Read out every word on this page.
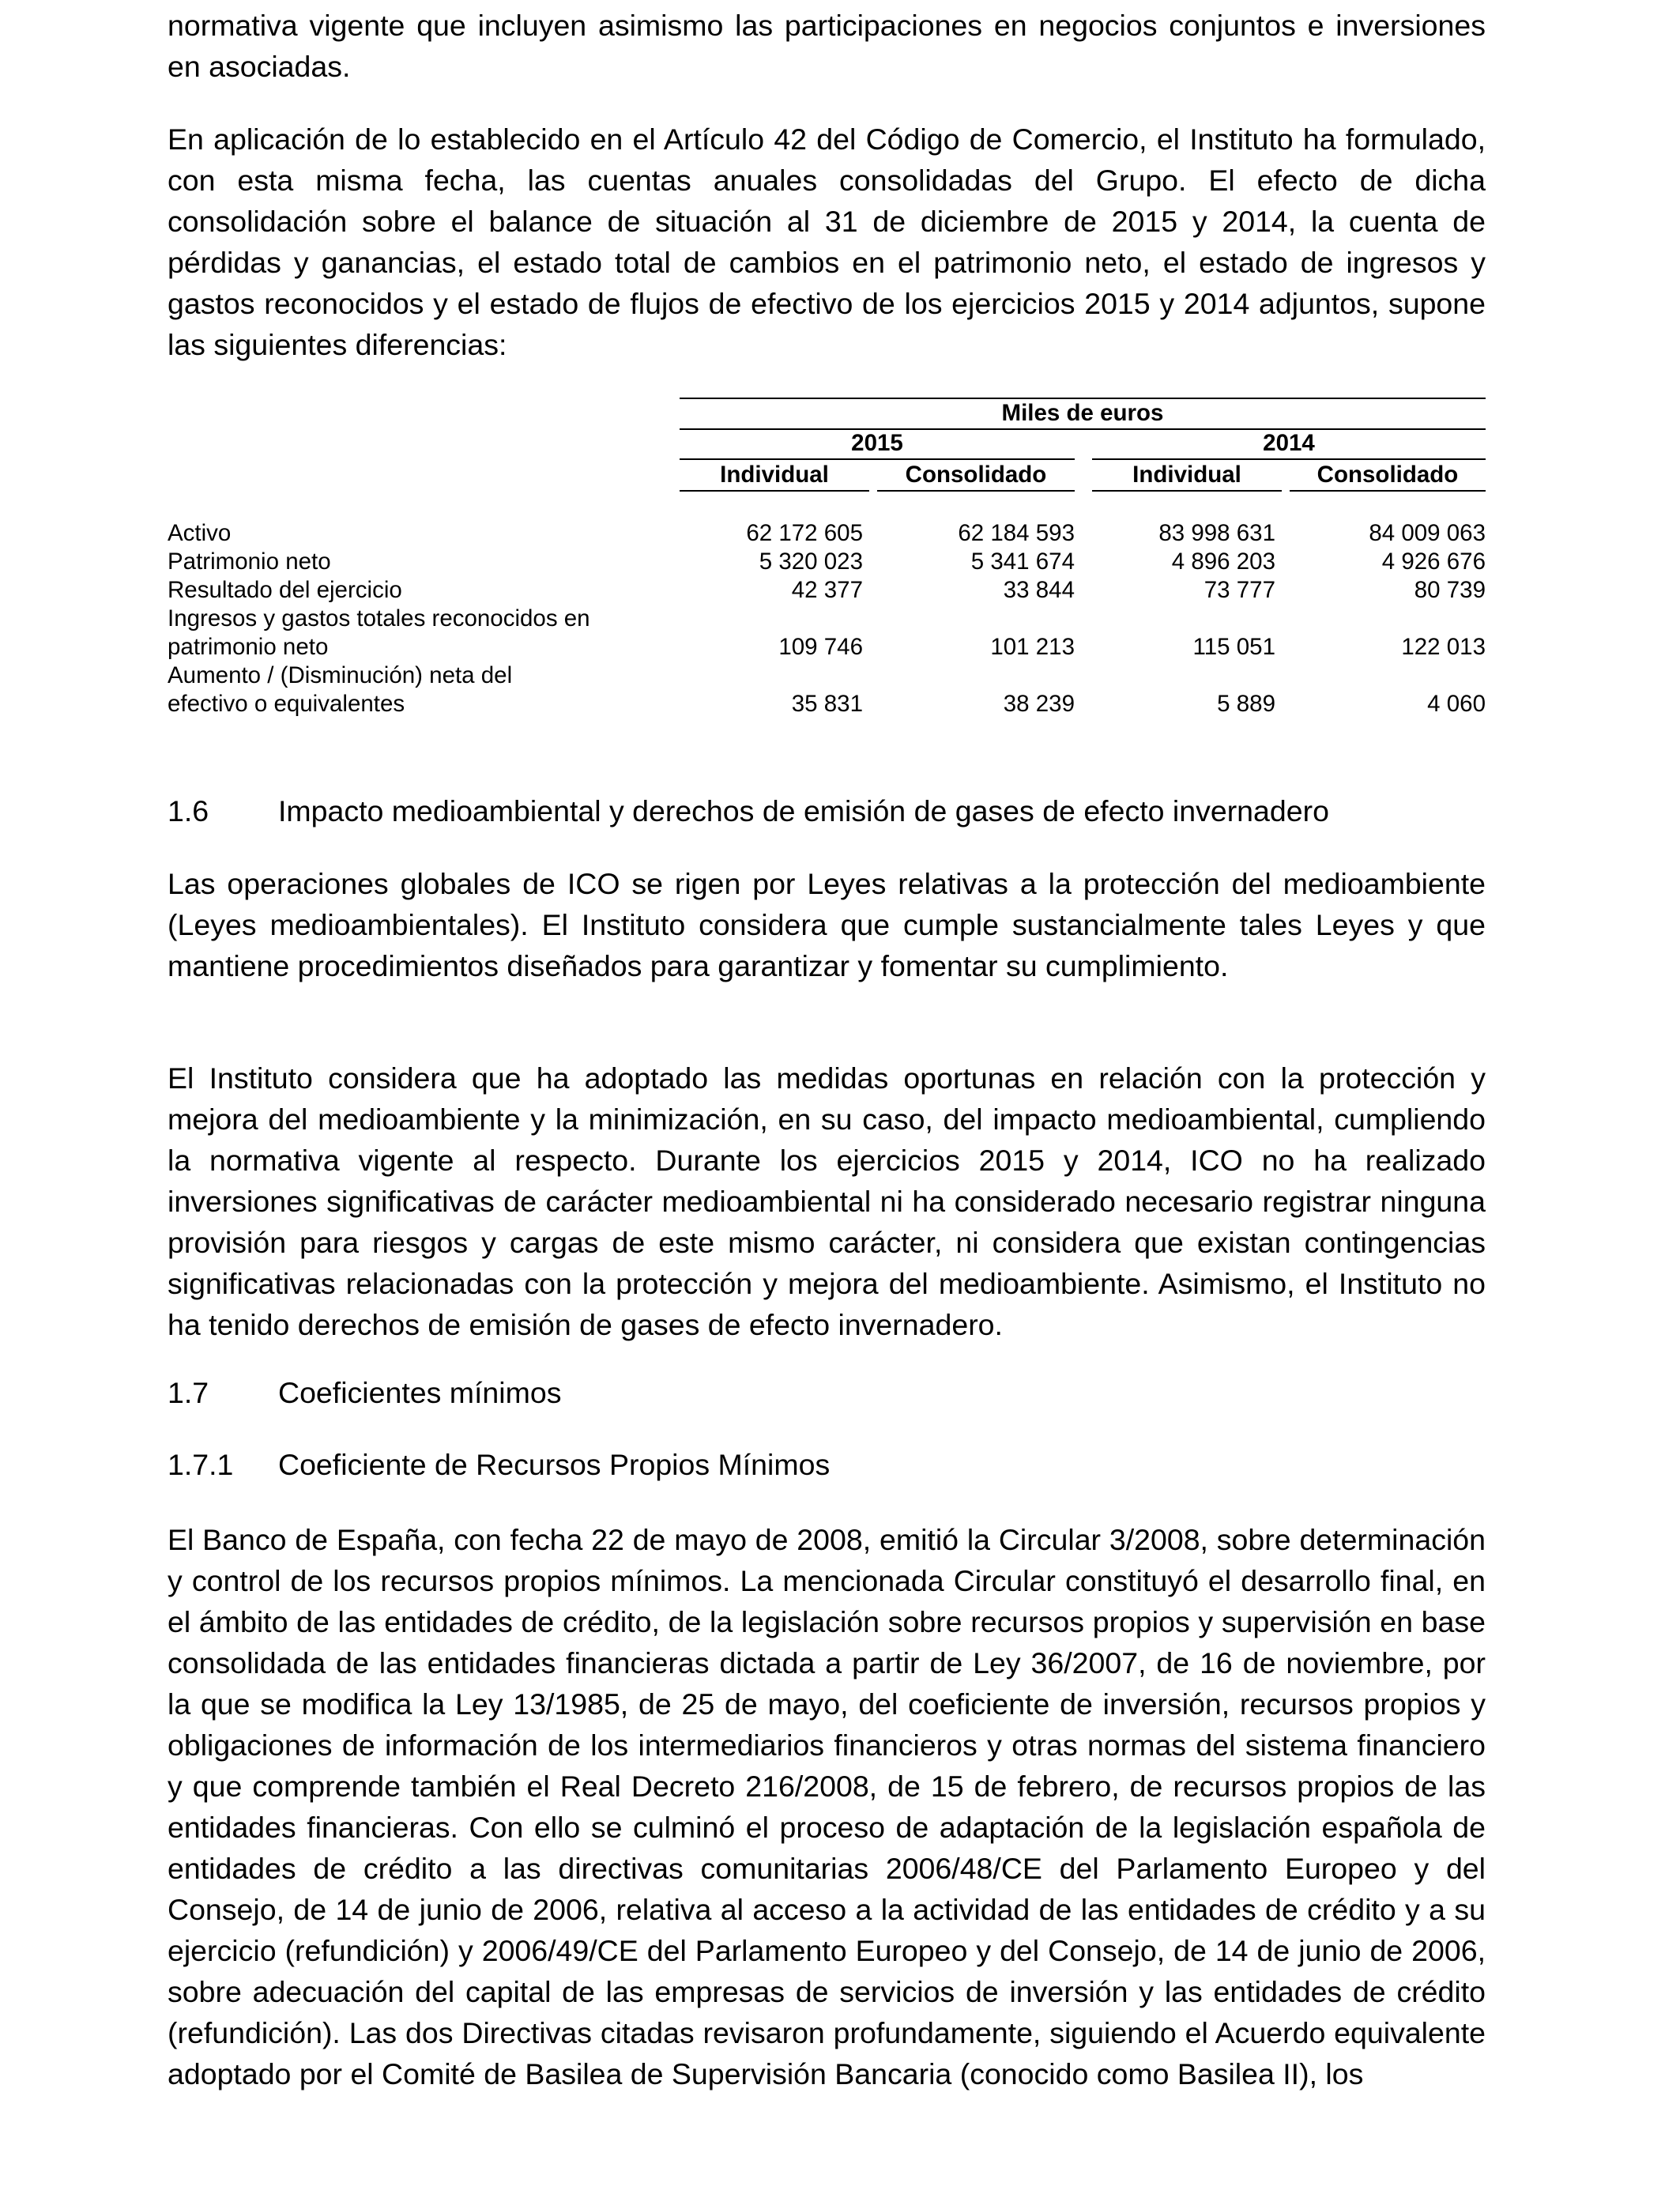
normativa vigente que incluyen asimismo las participaciones en negocios conjuntos e inversiones en asociadas.

En aplicación de lo establecido en el Artículo 42 del Código de Comercio, el Instituto ha formulado, con esta misma fecha, las cuentas anuales consolidadas del Grupo. El efecto de dicha consolidación sobre el balance de situación al 31 de diciembre de 2015 y 2014, la cuenta de pérdidas y ganancias, el estado total de cambios en el patrimonio neto, el estado de ingresos y gastos reconocidos y el estado de flujos de efectivo de los ejercicios 2015 y 2014 adjuntos, supone las siguientes diferencias:

Miles de euros
2015	2014
Individual	Consolidado	Individual	Consolidado
Activo	62 172 605	62 184 593	83 998 631	84 009 063
Patrimonio neto	5 320 023	5 341 674	4 896 203	4 926 676
Resultado del ejercicio	42 377	33 844	73 777	80 739
Ingresos y gastos totales reconocidos en
patrimonio neto	109 746	101 213	115 051	122 013
Aumento / (Disminución) neta del
efectivo o equivalentes	35 831	38 239	5 889	4 060
1.6 Impacto medioambiental y derechos de emisión de gases de efecto invernadero

Las operaciones globales de ICO se rigen por Leyes relativas a la protección del medioambiente (Leyes medioambientales). El Instituto considera que cumple sustancialmente tales Leyes y que mantiene procedimientos diseñados para garantizar y fomentar su cumplimiento.

El Instituto considera que ha adoptado las medidas oportunas en relación con la protección y mejora del medioambiente y la minimización, en su caso, del impacto medioambiental, cumpliendo la normativa vigente al respecto. Durante los ejercicios 2015 y 2014, ICO no ha realizado inversiones significativas de carácter medioambiental ni ha considerado necesario registrar ninguna provisión para riesgos y cargas de este mismo carácter, ni considera que existan contingencias significativas relacionadas con la protección y mejora del medioambiente. Asimismo, el Instituto no ha tenido derechos de emisión de gases de efecto invernadero.

1.7 Coeficientes mínimos
1.7.1 Coeficiente de Recursos Propios Mínimos

El Banco de España, con fecha 22 de mayo de 2008, emitió la Circular 3/2008, sobre determinación y control de los recursos propios mínimos. La mencionada Circular constituyó el desarrollo final, en el ámbito de las entidades de crédito, de la legislación sobre recursos propios y supervisión en base consolidada de las entidades financieras dictada a partir de Ley 36/2007, de 16 de noviembre, por la que se modifica la Ley 13/1985, de 25 de mayo, del coeficiente de inversión, recursos propios y obligaciones de información de los intermediarios financieros y otras normas del sistema financiero y que comprende también el Real Decreto 216/2008, de 15 de febrero, de recursos propios de las entidades financieras. Con ello se culminó el proceso de adaptación de la legislación española de entidades de crédito a las directivas comunitarias 2006/48/CE del Parlamento Europeo y del Consejo, de 14 de junio de 2006, relativa al acceso a la actividad de las entidades de crédito y a su ejercicio (refundición) y 2006/49/CE del Parlamento Europeo y del Consejo, de 14 de junio de 2006, sobre adecuación del capital de las empresas de servicios de inversión y las entidades de crédito (refundición). Las dos Directivas citadas revisaron profundamente, siguiendo el Acuerdo equivalente adoptado por el Comité de Basilea de Supervisión Bancaria (conocido como Basilea II), los
